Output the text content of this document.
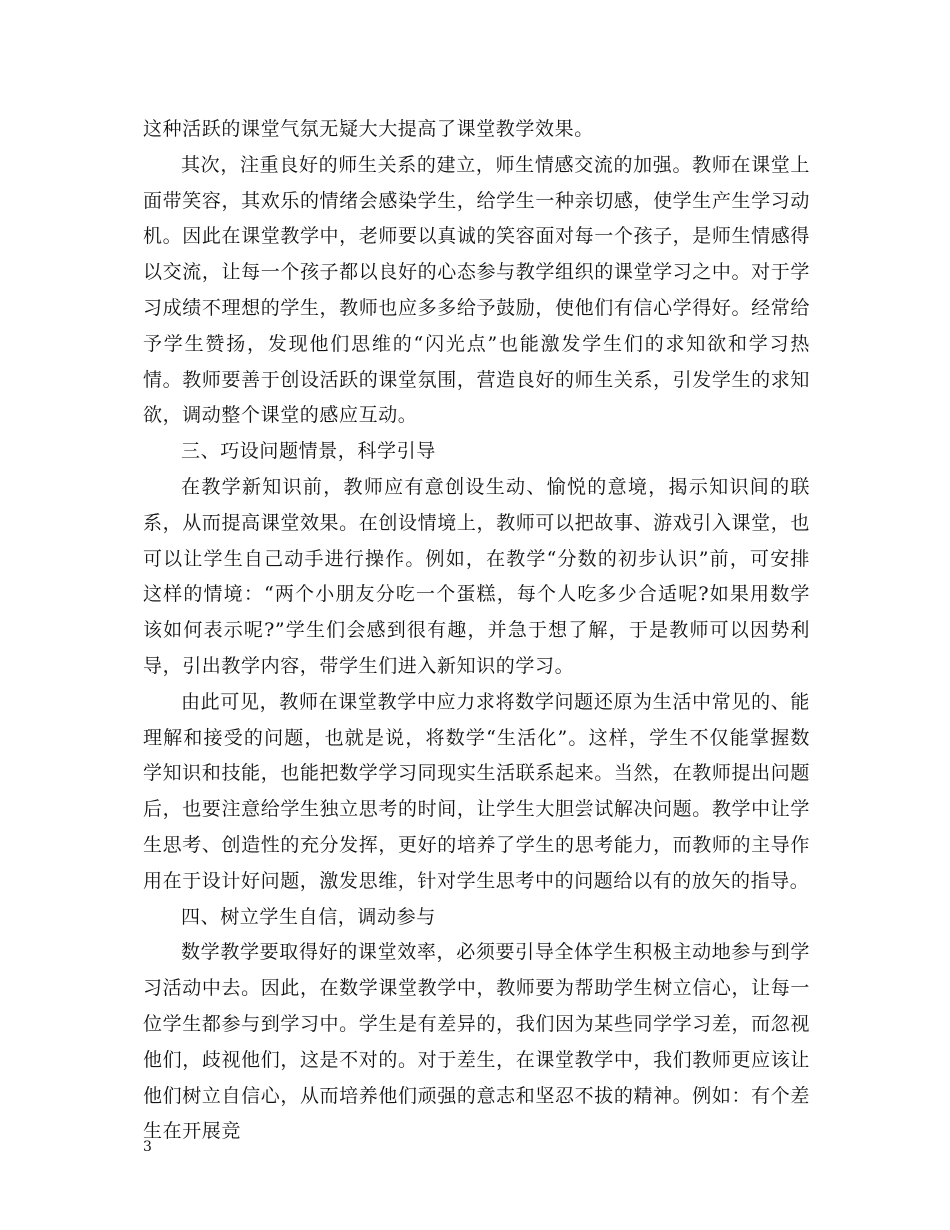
这种活跃的课堂气氛无疑大大提高了课堂教学效果。

其次，注重良好的师生关系的建立，师生情感交流的加强。教师在课堂上面带笑容，其欢乐的情绪会感染学生，给学生一种亲切感，使学生产生学习动机。因此在课堂教学中，老师要以真诚的笑容面对每一个孩子，是师生情感得以交流，让每一个孩子都以良好的心态参与教学组织的课堂学习之中。对于学习成绩不理想的学生，教师也应多多给予鼓励，使他们有信心学得好。经常给予学生赞扬，发现他们思维的“闪光点”也能激发学生们的求知欲和学习热情。教师要善于创设活跃的课堂氛围，营造良好的师生关系，引发学生的求知欲，调动整个课堂的感应互动。

三、巧设问题情景，科学引导

在教学新知识前，教师应有意创设生动、愉悦的意境，揭示知识间的联系，从而提高课堂效果。在创设情境上，教师可以把故事、游戏引入课堂，也可以让学生自己动手进行操作。例如，在教学“分数的初步认识”前，可安排这样的情境：“两个小朋友分吃一个蛋糕，每个人吃多少合适呢?如果用数学该如何表示呢?”学生们会感到很有趣，并急于想了解，于是教师可以因势利导，引出教学内容，带学生们进入新知识的学习。

由此可见，教师在课堂教学中应力求将数学问题还原为生活中常见的、能理解和接受的问题，也就是说，将数学“生活化”。这样，学生不仅能掌握数学知识和技能，也能把数学学习同现实生活联系起来。当然，在教师提出问题后，也要注意给学生独立思考的时间，让学生大胆尝试解决问题。教学中让学生思考、创造性的充分发挥，更好的培养了学生的思考能力，而教师的主导作用在于设计好问题，激发思维，针对学生思考中的问题给以有的放矢的指导。

四、树立学生自信，调动参与

数学教学要取得好的课堂效率，必须要引导全体学生积极主动地参与到学习活动中去。因此，在数学课堂教学中，教师要为帮助学生树立信心，让每一位学生都参与到学习中。学生是有差异的，我们因为某些同学学习差，而忽视他们，歧视他们，这是不对的。对于差生，在课堂教学中，我们教师更应该让他们树立自信心，从而培养他们顽强的意志和坚忍不拔的精神。例如：有个差生在开展竞

3
